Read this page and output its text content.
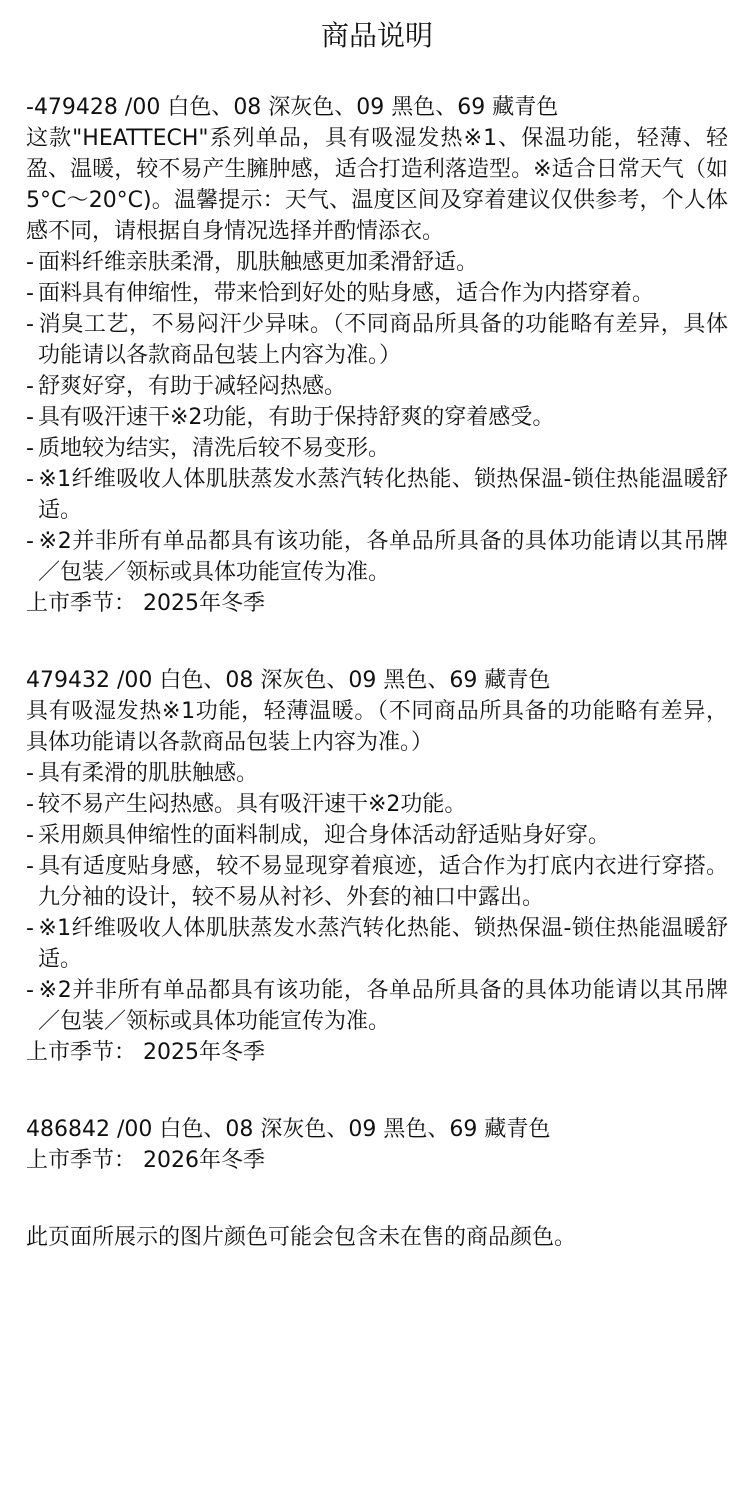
商品说明

-479428 /00 白色、08 深灰色、09 黑色、69 藏青色

这款"HEATTECH"系列单品，具有吸湿发热※1、保温功能，轻薄、轻盈、温暖，较不易产生臃肿感，适合打造利落造型。※适合日常天气（如5°C～20°C)。温馨提示：天气、温度区间及穿着建议仅供参考，个人体感不同，请根据自身情况选择并酌情添衣。

- 面料纤维亲肤柔滑，肌肤触感更加柔滑舒适。

- 面料具有伸缩性，带来恰到好处的贴身感，适合作为内搭穿着。

- 消臭工艺，不易闷汗少异味。（不同商品所具备的功能略有差异，具体功能请以各款商品包装上内容为准。）

- 舒爽好穿，有助于减轻闷热感。

- 具有吸汗速干※2功能，有助于保持舒爽的穿着感受。

- 质地较为结实，清洗后较不易变形。

- ※1纤维吸收人体肌肤蒸发水蒸汽转化热能、锁热保温-锁住热能温暖舒适。

- ※2并非所有单品都具有该功能，各单品所具备的具体功能请以其吊牌／包装／领标或具体功能宣传为准。

上市季节： 2025年冬季

479432 /00 白色、08 深灰色、09 黑色、69 藏青色

具有吸湿发热※1功能，轻薄温暖。（不同商品所具备的功能略有差异，具体功能请以各款商品包装上内容为准。）

- 具有柔滑的肌肤触感。

- 较不易产生闷热感。具有吸汗速干※2功能。

- 采用颇具伸缩性的面料制成，迎合身体活动舒适贴身好穿。

- 具有适度贴身感，较不易显现穿着痕迹，适合作为打底内衣进行穿搭。九分袖的设计，较不易从衬衫、外套的袖口中露出。

- ※1纤维吸收人体肌肤蒸发水蒸汽转化热能、锁热保温-锁住热能温暖舒适。

- ※2并非所有单品都具有该功能，各单品所具备的具体功能请以其吊牌／包装／领标或具体功能宣传为准。

上市季节： 2025年冬季

486842 /00 白色、08 深灰色、09 黑色、69 藏青色

上市季节： 2026年冬季

此页面所展示的图片颜色可能会包含未在售的商品颜色。
